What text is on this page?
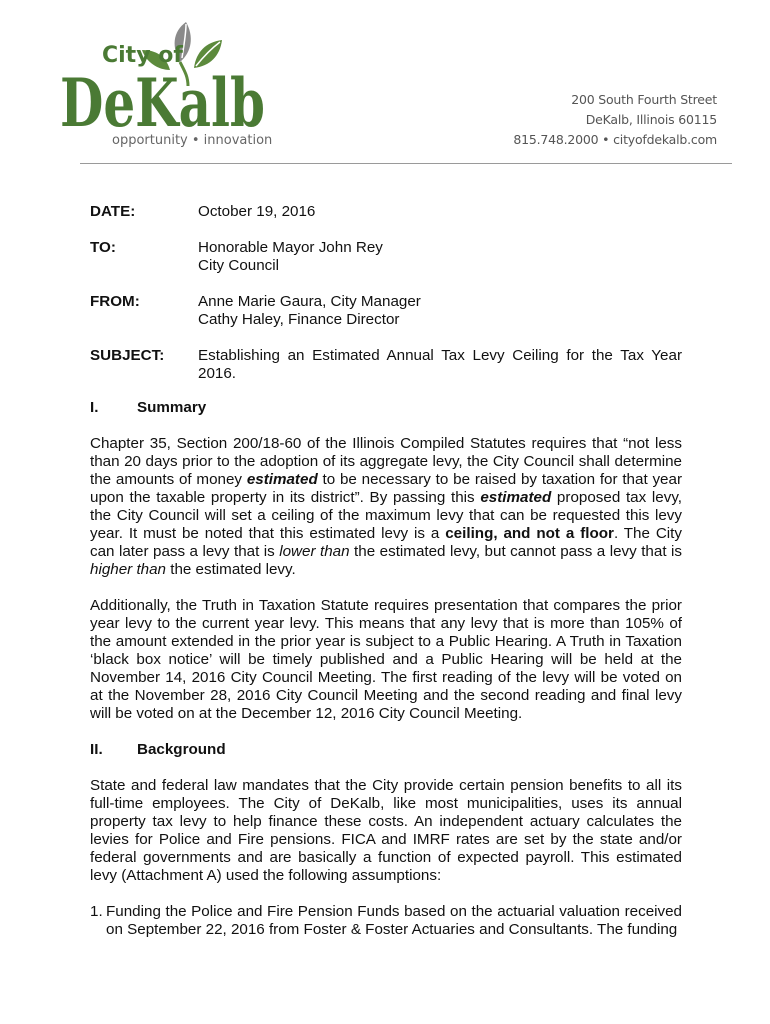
City of
DeKalb
opportunity • innovation
200 South Fourth Street
DeKalb, Illinois 60115
815.748.2000 • cityofdekalb.com
DATE:	October 19, 2016
TO:	Honorable Mayor John Rey
City Council
FROM:	Anne Marie Gaura, City Manager
Cathy Haley, Finance Director
SUBJECT:	Establishing an Estimated Annual Tax Levy Ceiling for the Tax Year 2016.
I.	Summary

Chapter 35, Section 200/18-60 of the Illinois Compiled Statutes requires that “not less than 20 days prior to the adoption of its aggregate levy, the City Council shall determine the amounts of money estimated to be necessary to be raised by taxation for that year upon the taxable property in its district”. By passing this estimated proposed tax levy, the City Council will set a ceiling of the maximum levy that can be requested this levy year. It must be noted that this estimated levy is a ceiling, and not a floor. The City can later pass a levy that is lower than the estimated levy, but cannot pass a levy that is higher than the estimated levy.

Additionally, the Truth in Taxation Statute requires presentation that compares the prior year levy to the current year levy. This means that any levy that is more than 105% of the amount extended in the prior year is subject to a Public Hearing. A Truth in Taxation ‘black box notice’ will be timely published and a Public Hearing will be held at the November 14, 2016 City Council Meeting. The first reading of the levy will be voted on at the November 28, 2016 City Council Meeting and the second reading and final levy will be voted on at the December 12, 2016 City Council Meeting.

II.	Background

State and federal law mandates that the City provide certain pension benefits to all its full-time employees. The City of DeKalb, like most municipalities, uses its annual property tax levy to help finance these costs. An independent actuary calculates the levies for Police and Fire pensions. FICA and IMRF rates are set by the state and/or federal governments and are basically a function of expected payroll. This estimated levy (Attachment A) used the following assumptions:

1. Funding the Police and Fire Pension Funds based on the actuarial valuation received on September 22, 2016 from Foster & Foster Actuaries and Consultants. The funding
